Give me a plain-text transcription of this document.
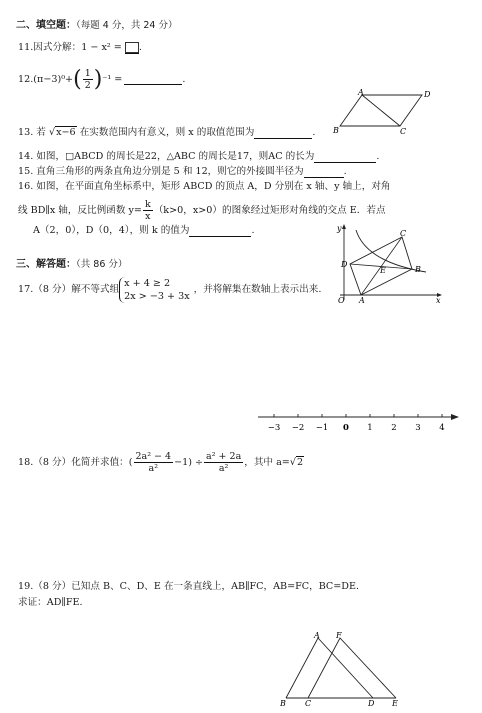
二、填空题：（每题 4 分，共 24 分）
11.因式分解：1 − x² = .
12. (π−3)⁰+ ( $\frac{1}{2}$ ) ⁻¹ =	.
A	D
B	C
13. 若 √x−6 在实数范围内有意义，则 x 的取值范围为	.
14. 如图，□ABCD 的周长是22，△ABC 的周长是17，则AC 的长为	.
15. 直角三角形的两条直角边分别是 5 和 12，则它的外接圆半径为	.
16. 如图，在平面直角坐标系中，矩形 ABCD 的顶点 A，D 分别在 x 轴、y 轴上，对角
线 BD∥x 轴，反比例函数 $y= \frac{k}{x} (k>0$，x>0）的图象经过矩形对角线的交点 E．若点
A（2，0），D（0，4），则 k 的值为	.	y
x
O A
B
C
D
E
三、解答题：（共 86 分）
17.（8 分）解不等式组
x + 4 ≥ 2
2x > −3 + 3x
，并将解集在数轴上表示出来.
−3 −2 −1 0 1 2 3 4
18.（8 分）化简并求值：( $\frac{\text{2a² − 4}}{\text{a²}} -1) \div \frac{\text{a² + 2a}}{\text{a²}}$ ，其中 a= √ 2
19.（8 分）已知点 B、C、D、E 在一条直线上，AB∥FC，AB=FC，BC=DE.
求证：AD∥FE.
A F
B C	D E
